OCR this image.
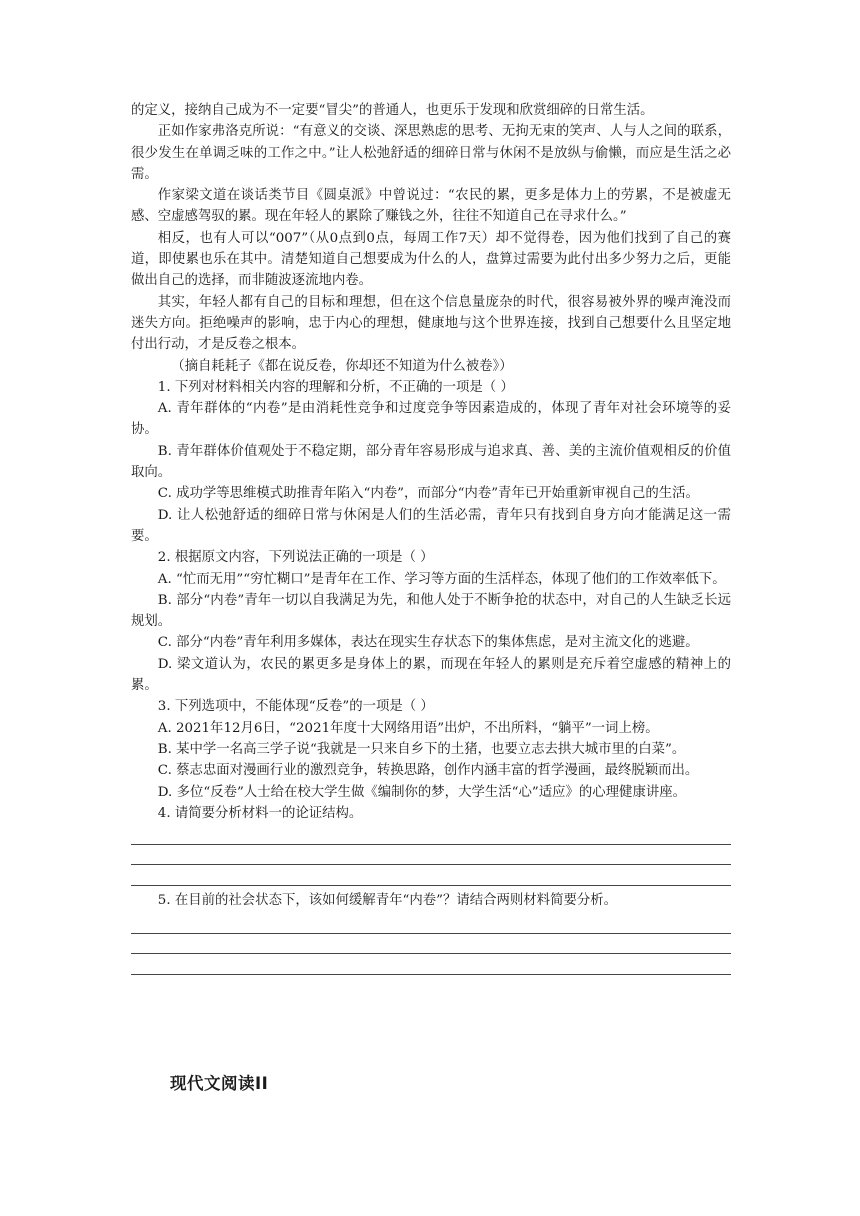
的定义，接纳自己成为不一定要“冒尖”的普通人，也更乐于发现和欣赏细碎的日常生活。

正如作家弗洛克所说：“有意义的交谈、深思熟虑的思考、无拘无束的笑声、人与人之间的联系，很少发生在单调乏味的工作之中。”让人松弛舒适的细碎日常与休闲不是放纵与偷懒，而应是生活之必需。

作家梁文道在谈话类节目《圆桌派》中曾说过：“农民的累，更多是体力上的劳累，不是被虚无感、空虚感驾驭的累。现在年轻人的累除了赚钱之外，往往不知道自己在寻求什么。”

相反，也有人可以“007”（从0点到0点，每周工作7天）却不觉得卷，因为他们找到了自己的赛道，即使累也乐在其中。清楚知道自己想要成为什么的人，盘算过需要为此付出多少努力之后，更能做出自己的选择，而非随波逐流地内卷。

其实，年轻人都有自己的目标和理想，但在这个信息量庞杂的时代，很容易被外界的噪声淹没而迷失方向。拒绝噪声的影响，忠于内心的理想，健康地与这个世界连接，找到自己想要什么且坚定地付出行动，才是反卷之根本。

（摘自耗耗子《都在说反卷，你却还不知道为什么被卷》）

1. 下列对材料相关内容的理解和分析，不正确的一项是（ ）

A. 青年群体的“内卷”是由消耗性竞争和过度竞争等因素造成的，体现了青年对社会环境等的妥协。

B. 青年群体价值观处于不稳定期，部分青年容易形成与追求真、善、美的主流价值观相反的价值取向。

C. 成功学等思维模式助推青年陷入“内卷”，而部分“内卷”青年已开始重新审视自己的生活。

D. 让人松弛舒适的细碎日常与休闲是人们的生活必需，青年只有找到自身方向才能满足这一需要。

2. 根据原文内容，下列说法正确的一项是（ ）

A. “忙而无用”“穷忙糊口”是青年在工作、学习等方面的生活样态，体现了他们的工作效率低下。

B. 部分“内卷”青年一切以自我满足为先，和他人处于不断争抢的状态中，对自己的人生缺乏长远规划。

C. 部分“内卷”青年利用多媒体，表达在现实生存状态下的集体焦虑，是对主流文化的逃避。

D. 梁文道认为，农民的累更多是身体上的累，而现在年轻人的累则是充斥着空虚感的精神上的累。

3. 下列选项中，不能体现“反卷”的一项是（ ）

A. 2021年12月6日，“2021年度十大网络用语”出炉，不出所料，“躺平”一词上榜。

B. 某中学一名高三学子说“我就是一只来自乡下的土猪，也要立志去拱大城市里的白菜”。

C. 蔡志忠面对漫画行业的激烈竞争，转换思路，创作内涵丰富的哲学漫画，最终脱颖而出。

D. 多位“反卷”人士给在校大学生做《编制你的梦，大学生活“心”适应》的心理健康讲座。

4. 请简要分析材料一的论证结构。

5. 在目前的社会状态下，该如何缓解青年“内卷”？请结合两则材料简要分析。

现代文阅读II
